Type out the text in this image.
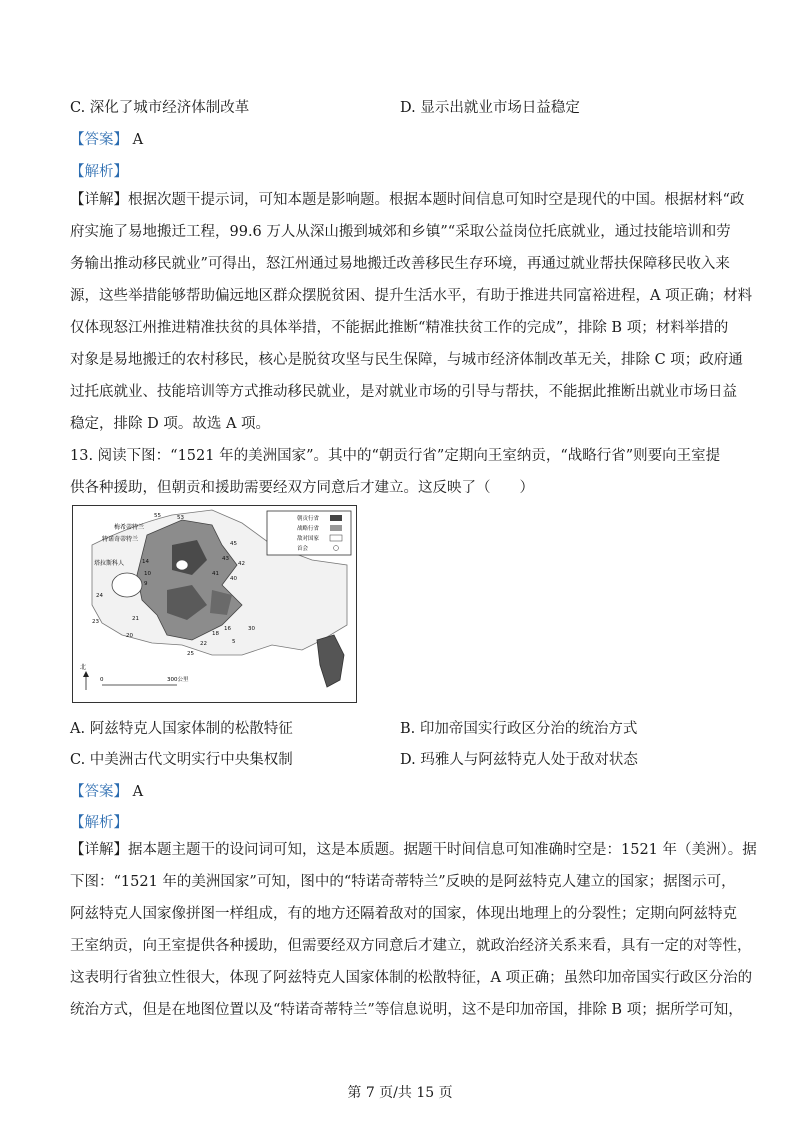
C. 深化了城市经济体制改革	D. 显示出就业市场日益稳定
【答案】 A
【解析】
【详解】根据次题干提示词，可知本题是影响题。根据本题时间信息可知时空是现代的中国。根据材料“政
府实施了易地搬迁工程，99.6 万人从深山搬到城郊和乡镇”“采取公益岗位托底就业，通过技能培训和劳
务输出推动移民就业”可得出，怒江州通过易地搬迁改善移民生存环境，再通过就业帮扶保障移民收入来
源，这些举措能够帮助偏远地区群众摆脱贫困、提升生活水平，有助于推进共同富裕进程，A 项正确；材料
仅体现怒江州推进精准扶贫的具体举措，不能据此推断“精准扶贫工作的完成”，排除 B 项；材料举措的
对象是易地搬迁的农村移民，核心是脱贫攻坚与民生保障，与城市经济体制改革无关，排除 C 项；政府通
过托底就业、技能培训等方式推动移民就业，是对就业市场的引导与帮扶，不能据此推断出就业市场日益
稳定，排除 D 项。故选 A 项。
13. 阅读下图：“1521 年的美洲国家”。其中的“朝贡行省”定期向王室纳贡，“战略行省”则要向王室提
供各种援助，但朝贡和援助需要经双方同意后才建立。这反映了（　　）
朝贡行省
战略行省
敌对国家
首会
梅希蒂特兰
特诺奇蒂特兰
塔拉斯科人
55	53
45
43
42
40
41
14
10
9
24
23	21
20
30
25
22
18
16
5
北
0	300公里
A. 阿兹特克人国家体制的松散特征	B. 印加帝国实行政区分治的统治方式
C. 中美洲古代文明实行中央集权制	D. 玛雅人与阿兹特克人处于敌对状态
【答案】 A
【解析】
【详解】据本题主题干的设问词可知，这是本质题。据题干时间信息可知准确时空是：1521 年（美洲）。据
下图：“1521 年的美洲国家”可知，图中的“特诺奇蒂特兰”反映的是阿兹特克人建立的国家；据图示可，
阿兹特克人国家像拼图一样组成，有的地方还隔着敌对的国家，体现出地理上的分裂性；定期向阿兹特克
王室纳贡，向王室提供各种援助，但需要经双方同意后才建立，就政治经济关系来看，具有一定的对等性，
这表明行省独立性很大，体现了阿兹特克人国家体制的松散特征，A 项正确；虽然印加帝国实行政区分治的
统治方式，但是在地图位置以及“特诺奇蒂特兰”等信息说明，这不是印加帝国，排除 B 项；据所学可知，
第 7 页/共 15 页
